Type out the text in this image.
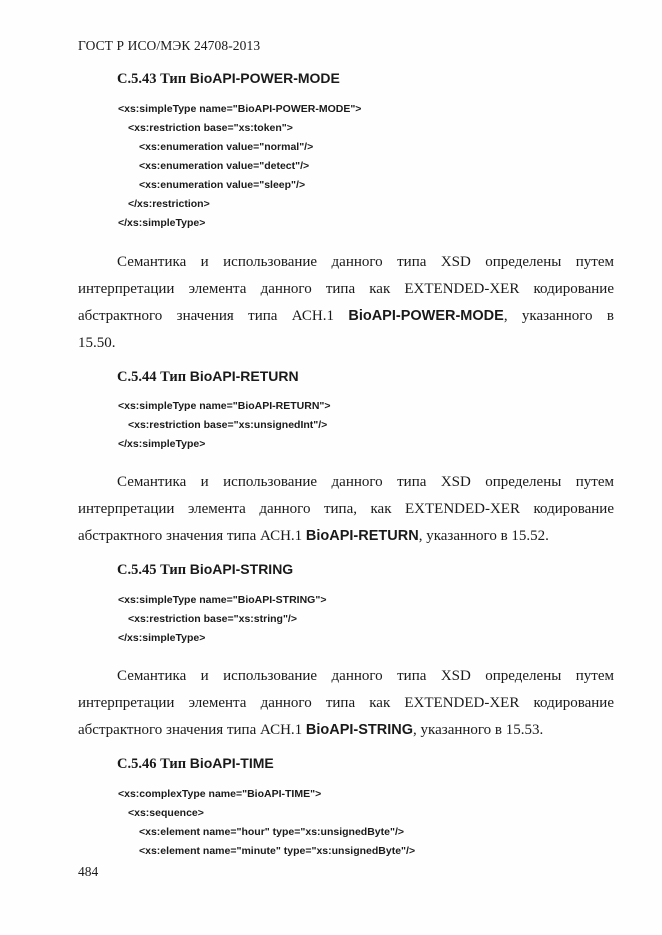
ГОСТ Р ИСО/МЭК 24708-2013
C.5.43 Тип BioAPI-POWER-MODE
<xs:simpleType name="BioAPI-POWER-MODE">
<xs:restriction base="xs:token">
<xs:enumeration value="normal"/>
<xs:enumeration value="detect"/>
<xs:enumeration value="sleep"/>
</xs:restriction>
</xs:simpleType>
Семантика и использование данного типа XSD определены путем
интерпретации элемента данного типа как EXTENDED-XER кодирование
абстрактного значения типа АСН.1 BioAPI-POWER-MODE, указанного в
15.50.
C.5.44 Тип BioAPI-RETURN
<xs:simpleType name="BioAPI-RETURN">
<xs:restriction base="xs:unsignedInt"/>
</xs:simpleType>
Семантика и использование данного типа XSD определены путем
интерпретации элемента данного типа, как EXTENDED-XER кодирование
абстрактного значения типа АСН.1 BioAPI-RETURN, указанного в 15.52.
C.5.45 Тип BioAPI-STRING
<xs:simpleType name="BioAPI-STRING">
<xs:restriction base="xs:string"/>
</xs:simpleType>
Семантика и использование данного типа XSD определены путем
интерпретации элемента данного типа как EXTENDED-XER кодирование
абстрактного значения типа АСН.1 BioAPI-STRING, указанного в 15.53.
C.5.46 Тип BioAPI-TIME
<xs:complexType name="BioAPI-TIME">
<xs:sequence>
<xs:element name="hour" type="xs:unsignedByte"/>
<xs:element name="minute" type="xs:unsignedByte"/>
484
